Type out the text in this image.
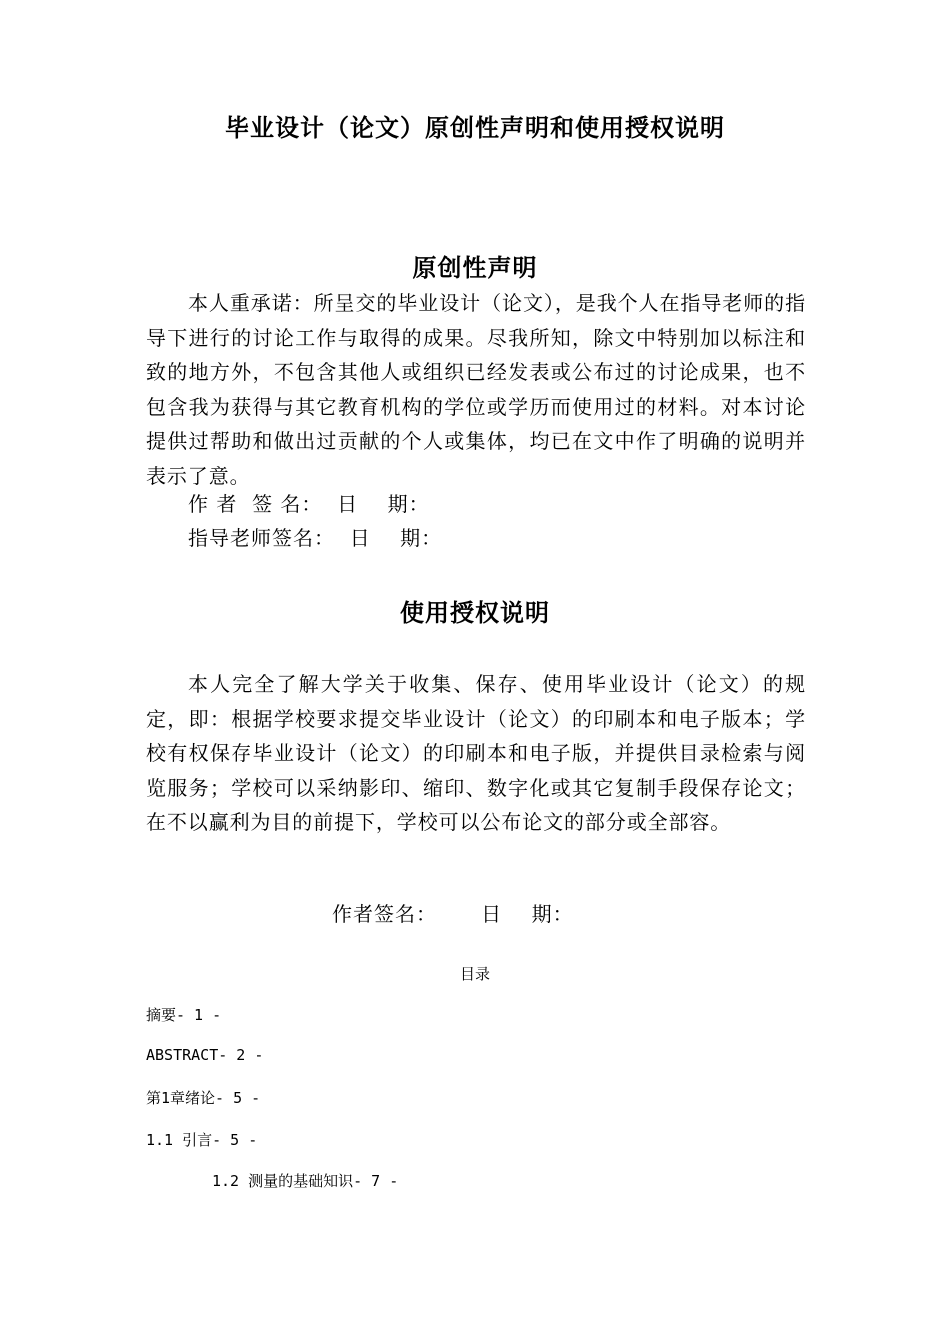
毕业设计（论文）原创性声明和使用授权说明
原创性声明

本人重承诺：所呈交的毕业设计（论文），是我个人在指导老师的指导下进行的讨论工作与取得的成果。尽我所知，除文中特别加以标注和致的地方外，不包含其他人或组织已经发表或公布过的讨论成果，也不包含我为获得与其它教育机构的学位或学历而使用过的材料。对本讨论提供过帮助和做出过贡献的个人或集体，均已在文中作了明确的说明并表示了意。

作 者  签 名：  日    期：
指导老师签名：  日    期：
使用授权说明

本人完全了解大学关于收集、保存、使用毕业设计（论文）的规定，即：根据学校要求提交毕业设计（论文）的印刷本和电子版本；学校有权保存毕业设计（论文）的印刷本和电子版，并提供目录检索与阅览服务；学校可以采纳影印、缩印、数字化或其它复制手段保存论文；在不以赢利为目的前提下，学校可以公布论文的部分或全部容。

作者签名：      日    期：
目录
摘要- 1 -
ABSTRACT- 2 -
第1章绪论- 5 -
1.1 引言- 5 -
1.2 测量的基础知识- 7 -
